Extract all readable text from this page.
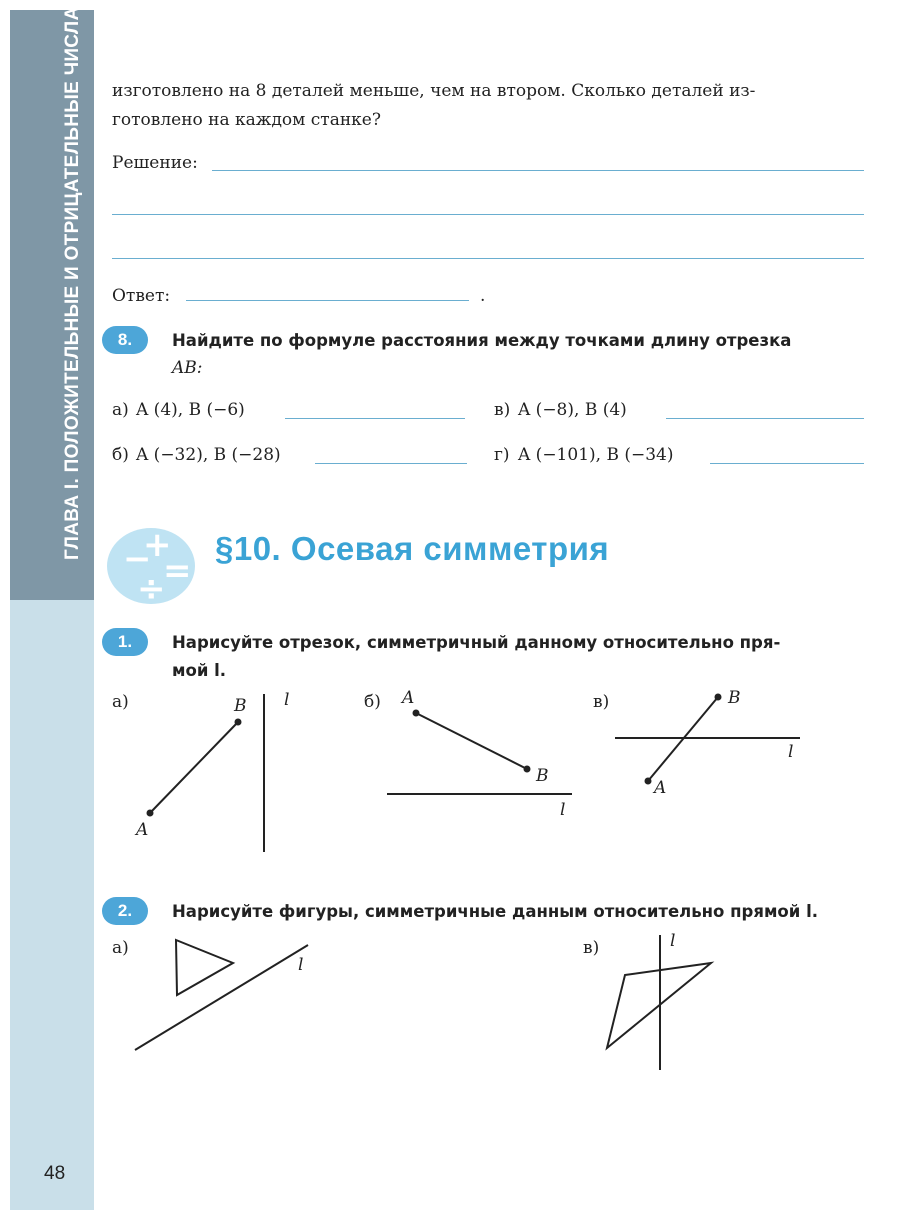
ГЛАВА I. ПОЛОЖИТЕЛЬНЫЕ И ОТРИЦАТЕЛЬНЫЕ ЧИСЛА
48
изготовлено на 8 деталей меньше, чем на втором. Сколько деталей из-
готовлено на каждом станке?
Решение:
Ответ:	.
8.	Найдите по формуле расстояния между точками длину отрезка
AB:
а) A (4), B (−6)	в) A (−8), B (4)
б) A (−32), B (−28)	г) A (−101), B (−34)
−
+
÷
=
§10. Осевая симметрия
1.	Нарисуйте отрезок, симметричный данному относительно пря-
мой l.
а)
A
B l	б) A
B
l
в)
A
B
l
2.	Нарисуйте фигуры, симметричные данным относительно прямой l.
а)
l
в)	l
